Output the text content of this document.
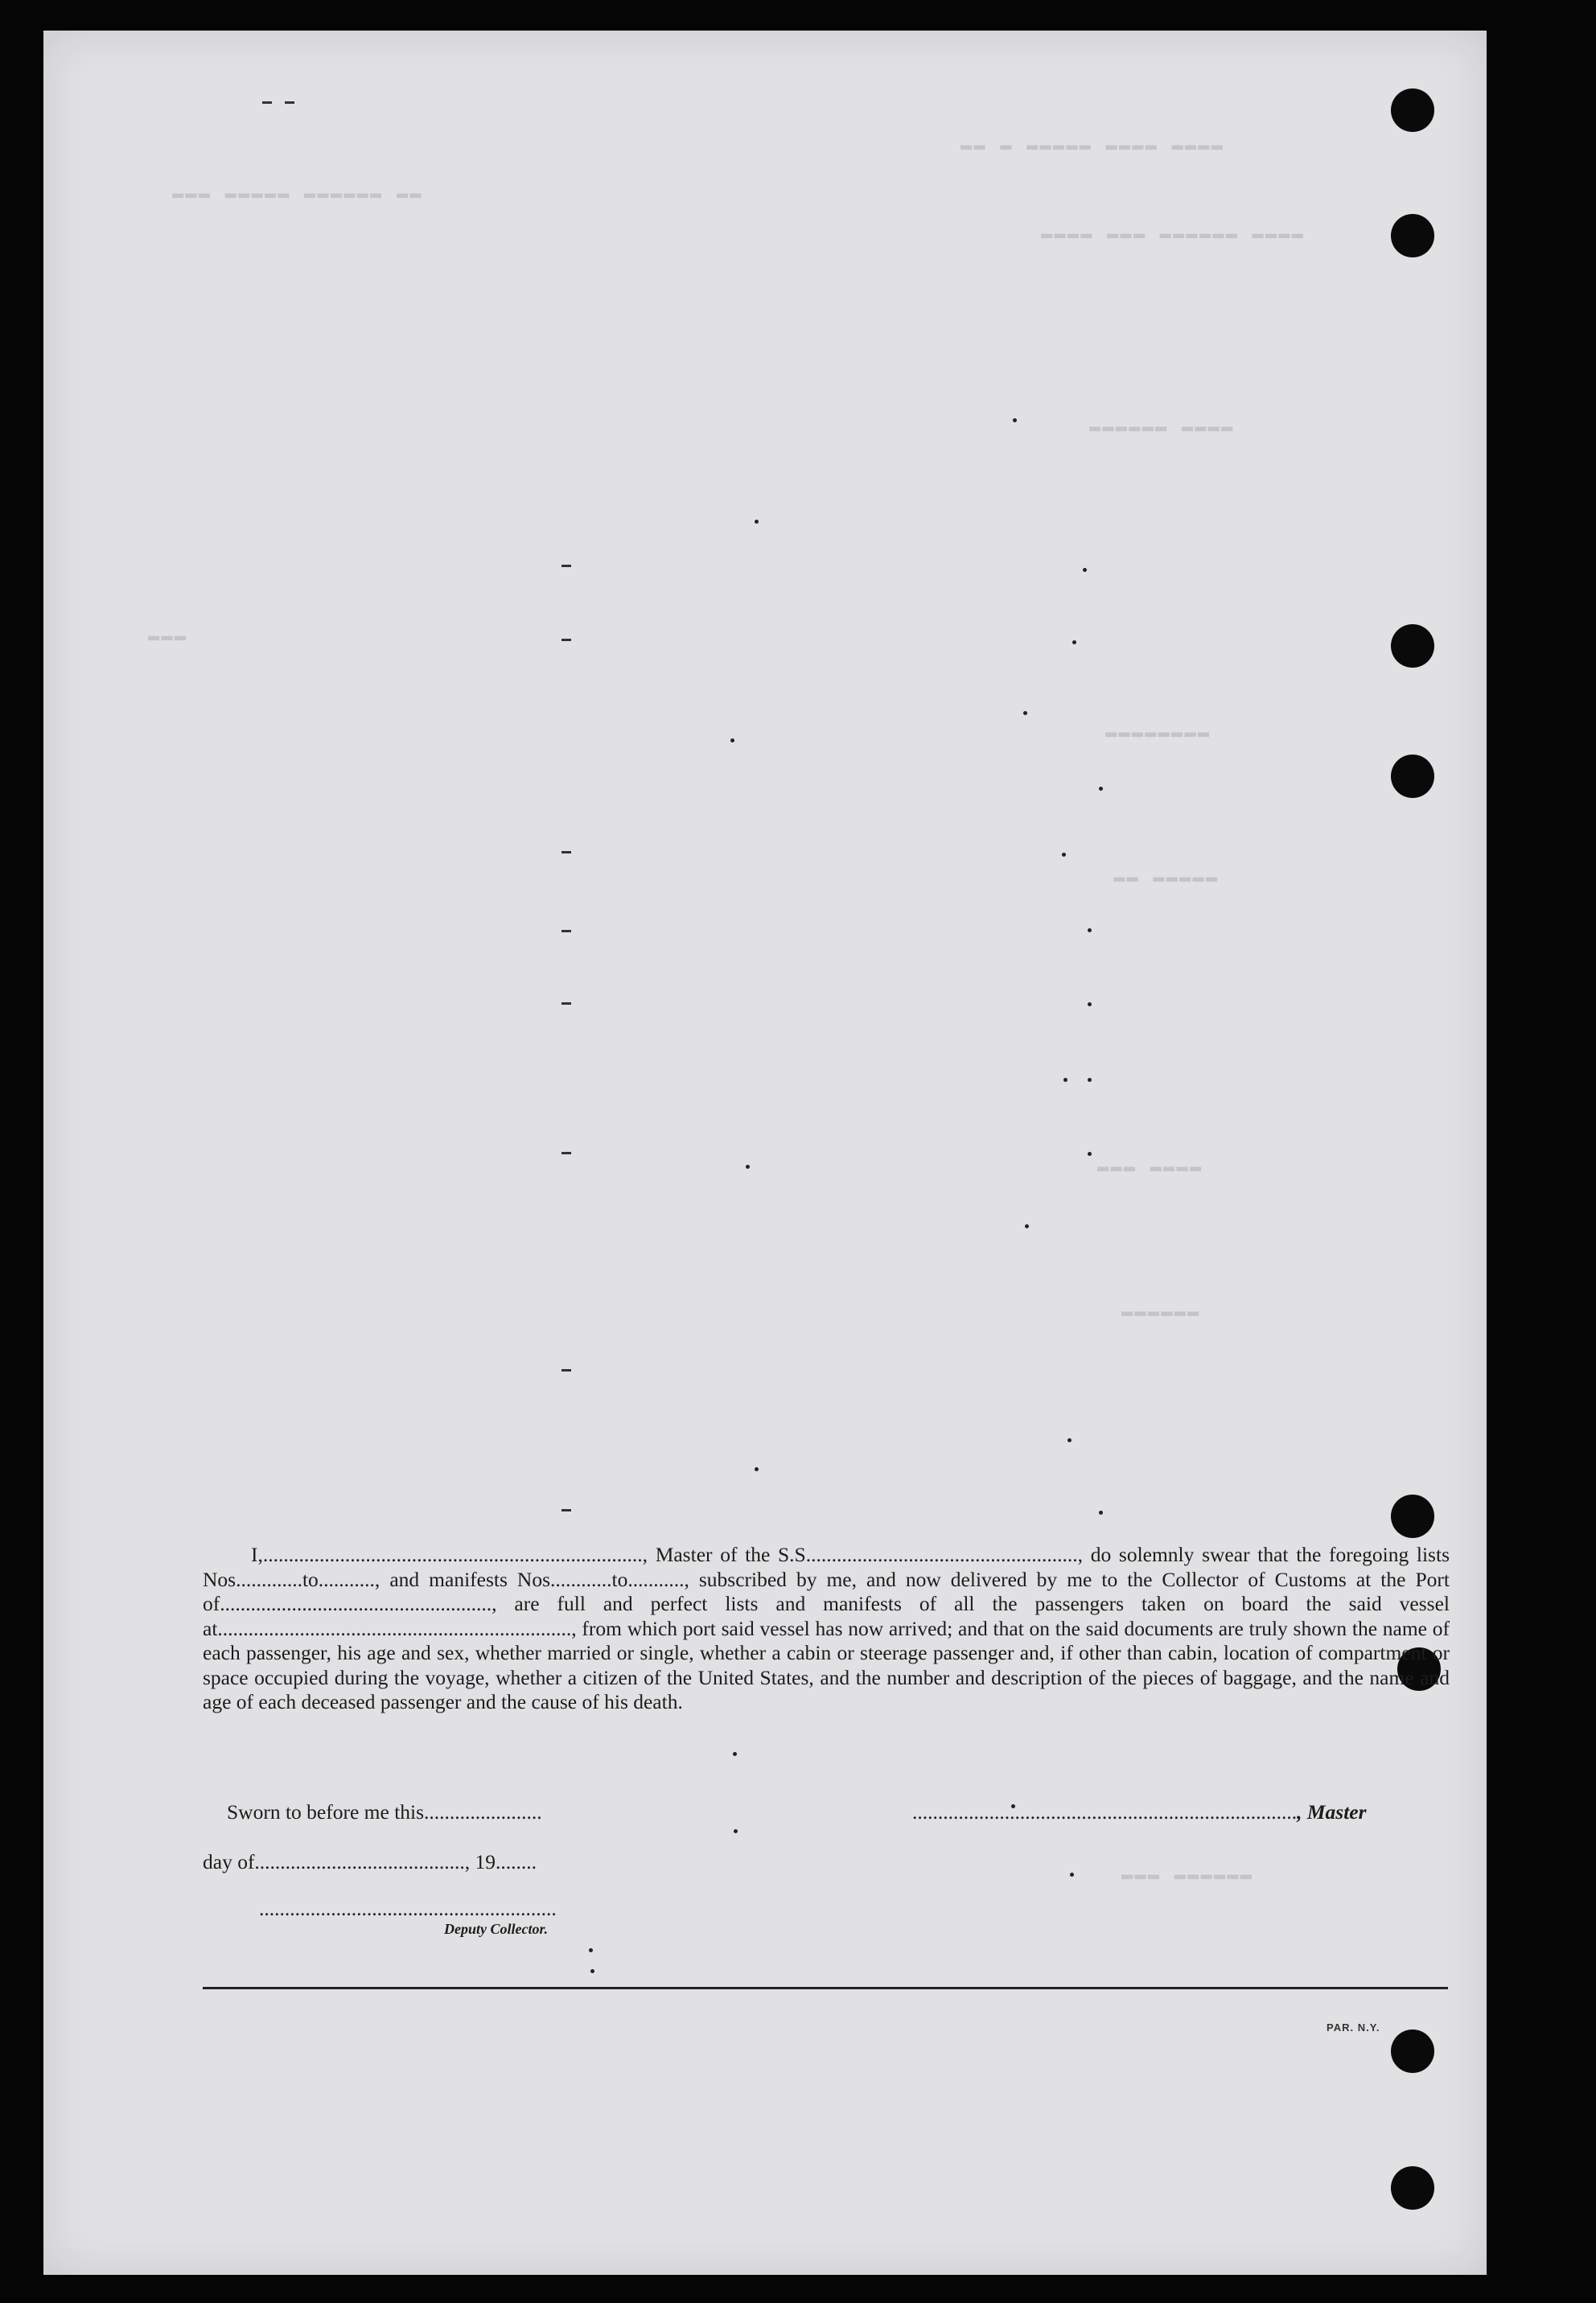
▬▬ ▬ ▬▬▬▬▬ ▬▬▬▬ ▬▬▬▬
▬▬▬ ▬▬▬▬▬ ▬▬▬▬▬▬ ▬▬
▬▬▬▬ ▬▬▬ ▬▬▬▬▬▬ ▬▬▬▬
▬▬▬▬▬▬ ▬▬▬▬
▬▬▬
▬▬▬▬▬▬▬▬
▬▬ ▬▬▬▬▬
▬▬▬ ▬▬▬▬
▬▬▬▬▬▬
▬▬▬ ▬▬▬▬▬▬

I,.........................................................................., Master of the S.S....................................................., do solemnly swear that the foregoing lists Nos.............to..........., and manifests Nos............to..........., subscribed by me, and now delivered by me to the Collector of Customs at the Port of....................................................., are full and perfect lists and manifests of all the passengers taken on board the said vessel at....................................................................., from which port said vessel has now arrived; and that on the said documents are truly shown the name of each passenger, his age and sex, whether married or single, whether a cabin or steerage passenger and, if other than cabin, location of compartment or space occupied during the voyage, whether a citizen of the United States, and the number and description of the pieces of baggage, and the name and age of each deceased passenger and the cause of his death.

Sworn to before me this.......................	..........................................................................., Master
day of........................................., 19........
..........................................................
Deputy Collector.
PAR. N.Y.
